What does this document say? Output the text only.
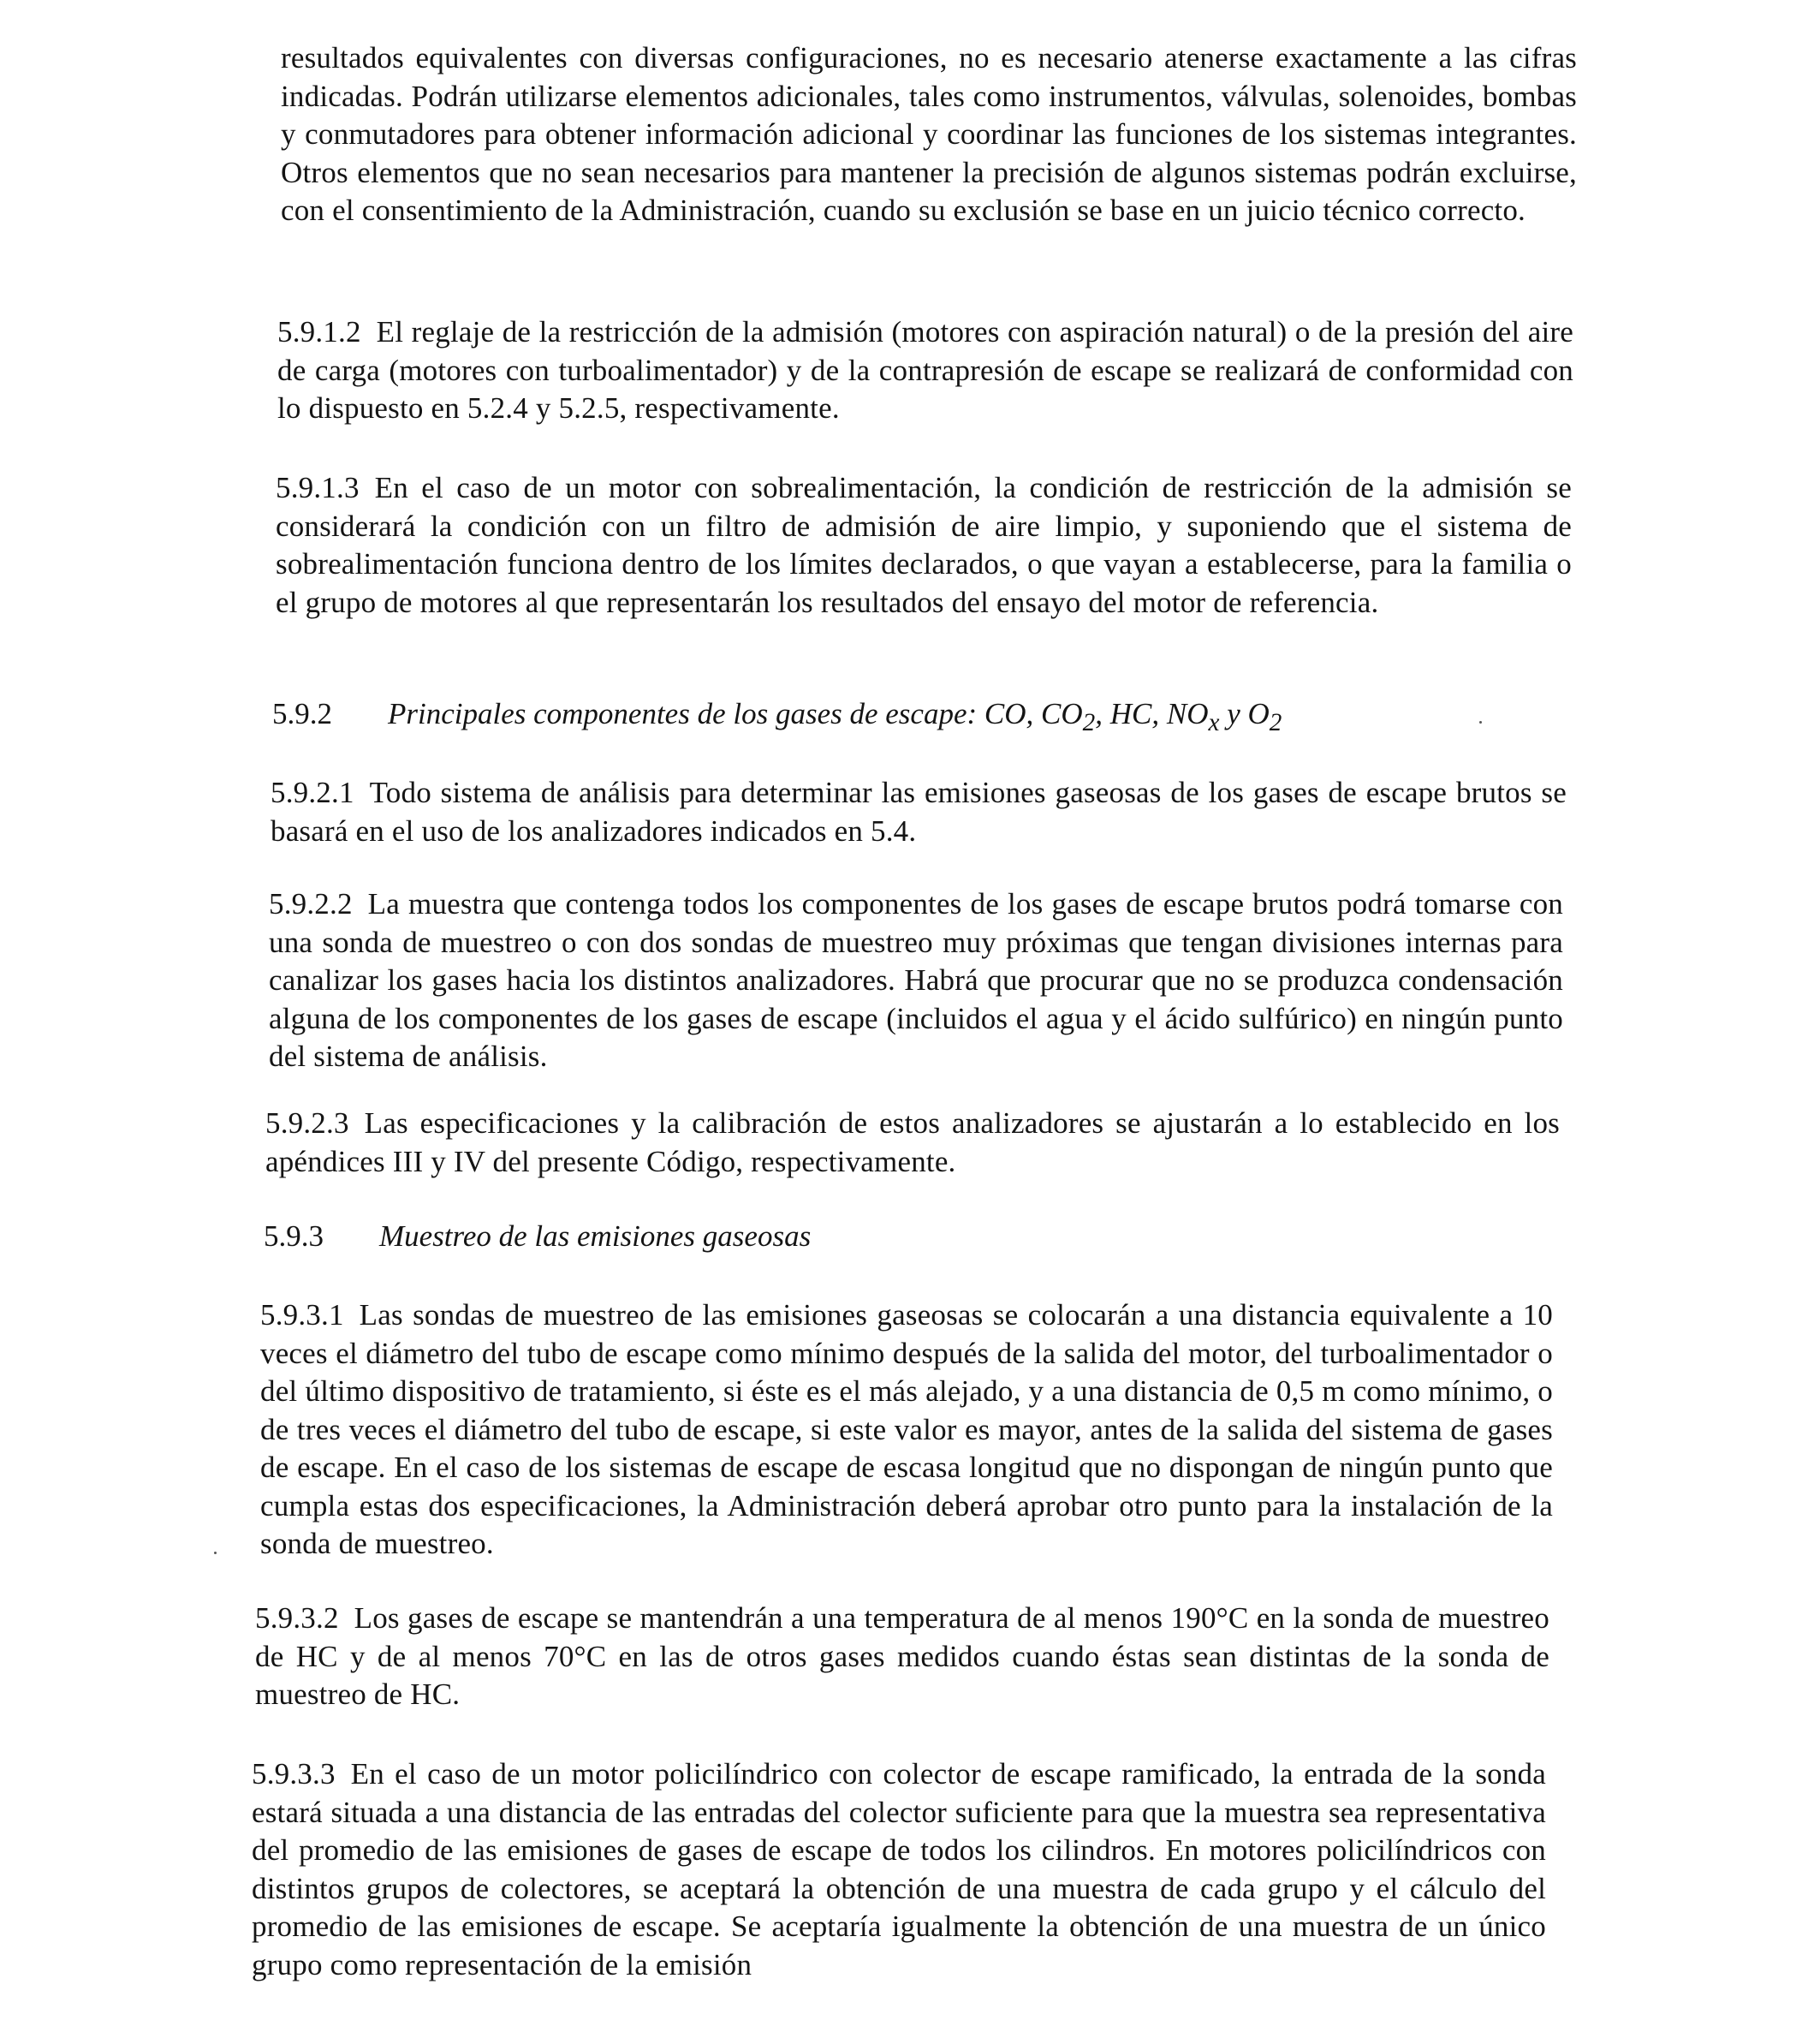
resultados equivalentes con diversas configuraciones, no es necesario atenerse exactamente a las cifras indicadas. Podrán utilizarse elementos adicionales, tales como instrumentos, válvulas, solenoides, bombas y conmutadores para obtener información adicional y coordinar las funciones de los sistemas integrantes. Otros elementos que no sean necesarios para mantener la precisión de algunos sistemas podrán excluirse, con el consentimiento de la Administración, cuando su exclusión se base en un juicio técnico correcto.

5.9.1.2 El reglaje de la restricción de la admisión (motores con aspiración natural) o de la presión del aire de carga (motores con turboalimentador) y de la contrapresión de escape se realizará de conformidad con lo dispuesto en 5.2.4 y 5.2.5, respectivamente.

5.9.1.3 En el caso de un motor con sobrealimentación, la condición de restricción de la admisión se considerará la condición con un filtro de admisión de aire limpio, y suponiendo que el sistema de sobrealimentación funciona dentro de los límites declarados, o que vayan a establecerse, para la familia o el grupo de motores al que representarán los resultados del ensayo del motor de referencia.

5.9.2 Principales componentes de los gases de escape: CO, $CO_2$, HC, $NO_x$ y $O_2$

5.9.2.1 Todo sistema de análisis para determinar las emisiones gaseosas de los gases de escape brutos se basará en el uso de los analizadores indicados en 5.4.

5.9.2.2 La muestra que contenga todos los componentes de los gases de escape brutos podrá tomarse con una sonda de muestreo o con dos sondas de muestreo muy próximas que tengan divisiones internas para canalizar los gases hacia los distintos analizadores. Habrá que procurar que no se produzca condensación alguna de los componentes de los gases de escape (incluidos el agua y el ácido sulfúrico) en ningún punto del sistema de análisis.

5.9.2.3 Las especificaciones y la calibración de estos analizadores se ajustarán a lo establecido en los apéndices III y IV del presente Código, respectivamente.

5.9.3 Muestreo de las emisiones gaseosas

5.9.3.1 Las sondas de muestreo de las emisiones gaseosas se colocarán a una distancia equivalente a 10 veces el diámetro del tubo de escape como mínimo después de la salida del motor, del turboalimentador o del último dispositivo de tratamiento, si éste es el más alejado, y a una distancia de 0,5 m como mínimo, o de tres veces el diámetro del tubo de escape, si este valor es mayor, antes de la salida del sistema de gases de escape. En el caso de los sistemas de escape de escasa longitud que no dispongan de ningún punto que cumpla estas dos especificaciones, la Administración deberá aprobar otro punto para la instalación de la sonda de muestreo.

5.9.3.2 Los gases de escape se mantendrán a una temperatura de al menos 190°C en la sonda de muestreo de HC y de al menos 70°C en las de otros gases medidos cuando éstas sean distintas de la sonda de muestreo de HC.

5.9.3.3 En el caso de un motor policilíndrico con colector de escape ramificado, la entrada de la sonda estará situada a una distancia de las entradas del colector suficiente para que la muestra sea representativa del promedio de las emisiones de gases de escape de todos los cilindros. En motores policilíndricos con distintos grupos de colectores, se aceptará la obtención de una muestra de cada grupo y el cálculo del promedio de las emisiones de escape. Se aceptaría igualmente la obtención de una muestra de un único grupo como representación de la emisión
